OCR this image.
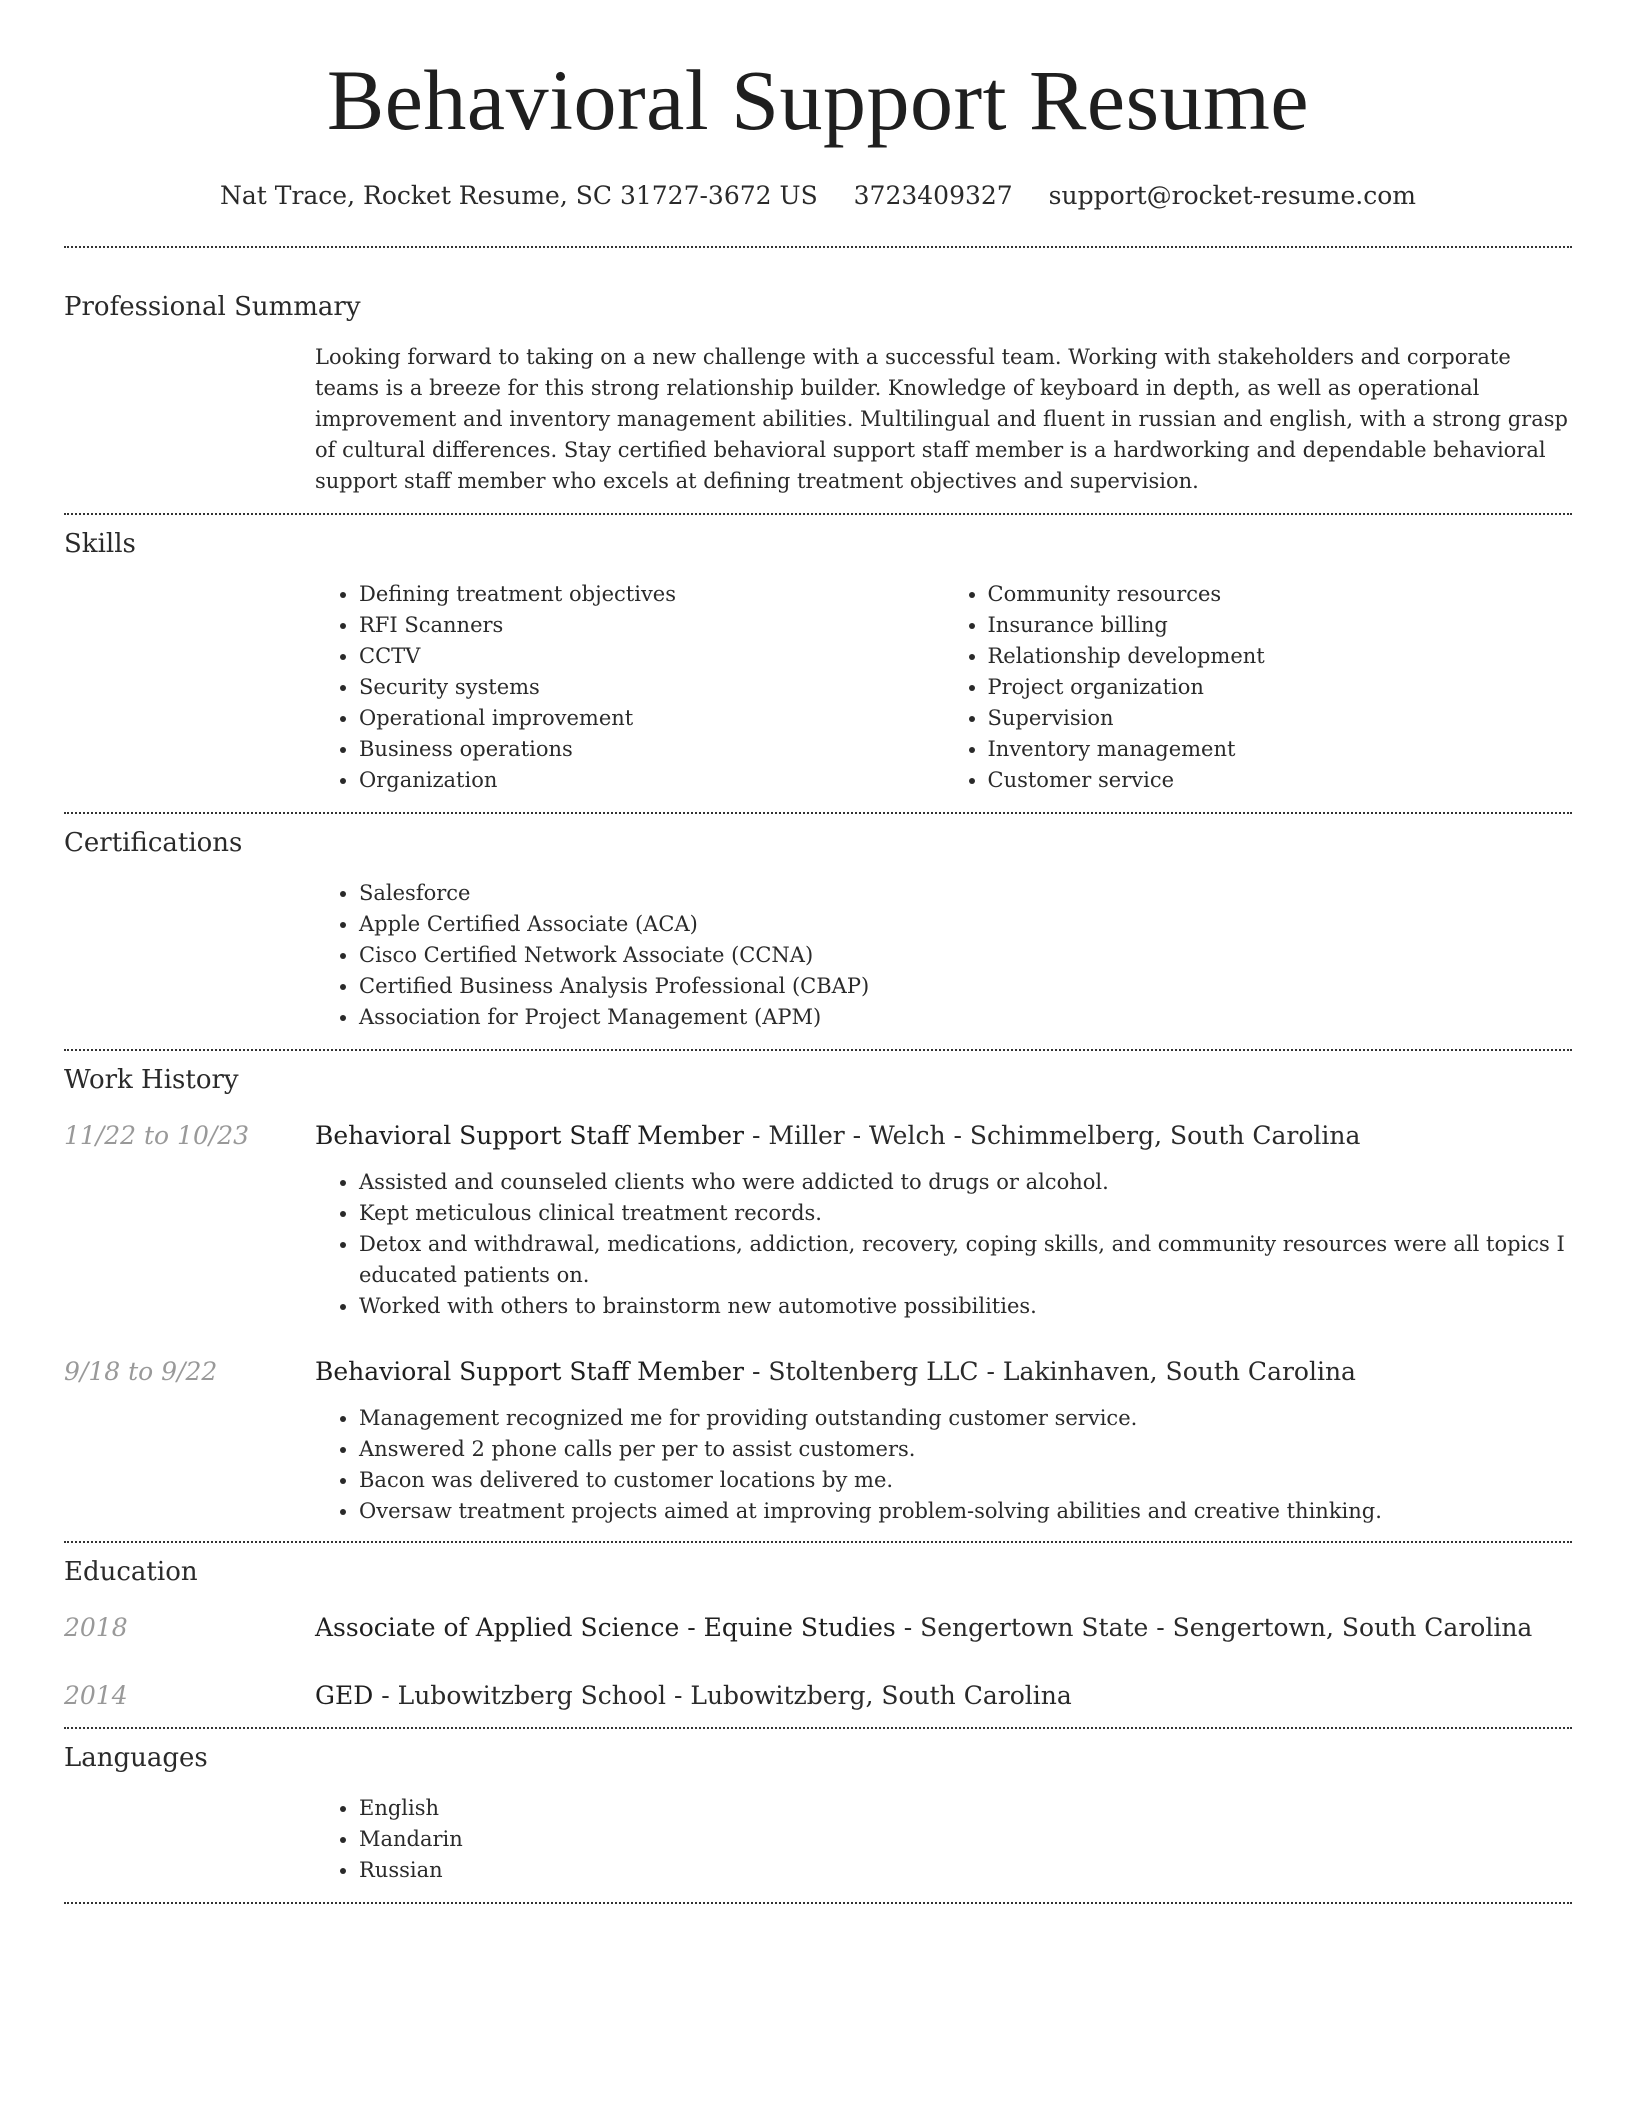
Behavioral Support Resume
Nat Trace, Rocket Resume, SC 31727-3672 US 3723409327 support@rocket-resume.com
Professional Summary

Looking forward to taking on a new challenge with a successful team. Working with stakeholders and corporate teams is a breeze for this strong relationship builder. Knowledge of keyboard in depth, as well as operational improvement and inventory management abilities. Multilingual and fluent in russian and english, with a strong grasp of cultural differences. Stay certified behavioral support staff member is a hardworking and dependable behavioral support staff member who excels at defining treatment objectives and supervision.

Skills
• Defining treatment objectives
• RFI Scanners
• CCTV
• Security systems
• Operational improvement
• Business operations
• Organization
• Community resources
• Insurance billing
• Relationship development
• Project organization
• Supervision
• Inventory management
• Customer service
Certifications
• Salesforce
• Apple Certified Associate (ACA)
• Cisco Certified Network Associate (CCNA)
• Certified Business Analysis Professional (CBAP)
• Association for Project Management (APM)
Work History
11/22 to 10/23	Behavioral Support Staff Member - Miller - Welch - Schimmelberg, South Carolina

• Assisted and counseled clients who were addicted to drugs or alcohol.
• Kept meticulous clinical treatment records.
• Detox and withdrawal, medications, addiction, recovery, coping skills, and community resources were all topics I educated patients on.
• Worked with others to brainstorm new automotive possibilities.
9/18 to 9/22	Behavioral Support Staff Member - Stoltenberg LLC - Lakinhaven, South Carolina

• Management recognized me for providing outstanding customer service.
• Answered 2 phone calls per per to assist customers.
• Bacon was delivered to customer locations by me.
• Oversaw treatment projects aimed at improving problem-solving abilities and creative thinking.
Education
2018	Associate of Applied Science - Equine Studies - Sengertown State - Sengertown, South Carolina

2014	GED - Lubowitzberg School - Lubowitzberg, South Carolina

Languages
• English
• Mandarin
• Russian
